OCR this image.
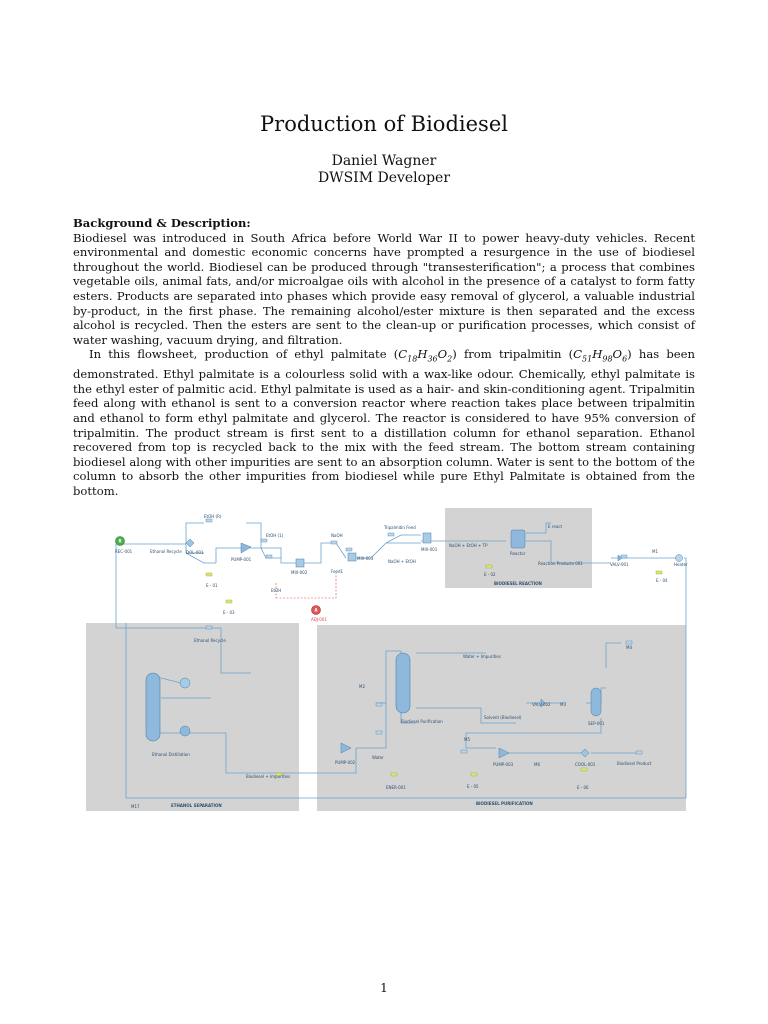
Production of Biodiesel
Daniel Wagner
DWSIM Developer
Background & Description:

Biodiesel was introduced in South Africa before World War II to power heavy-duty vehicles. Recent environmental and domestic economic concerns have prompted a resurgence in the use of biodiesel throughout the world. Biodiesel can be produced through "transesterification"; a process that combines vegetable oils, animal fats, and/or microalgae oils with alcohol in the presence of a catalyst to form fatty esters. Products are separated into phases which provide easy removal of glycerol, a valuable industrial by-product, in the first phase. The remaining alcohol/ester mixture is then separated and the excess alcohol is recycled. Then the esters are sent to the clean-up or purification processes, which consist of water washing, vacuum drying, and filtration.

In this flowsheet, production of ethyl palmitate $(C_{18}H_{36}O_2)$ from tripalmitin $(C_{51}H_{98}O_6)$ has been demonstrated. Ethyl palmitate is a colourless solid with a wax-like odour. Chemically, ethyl palmitate is the ethyl ester of palmitic acid. Ethyl palmitate is used as a hair- and skin-conditioning agent. Tripalmitin feed along with ethanol is sent to a conversion reactor where reaction takes place between tripalmitin and ethanol to form ethyl palmitate and glycerol. The reactor is considered to have 95% conversion of tripalmitin. The product stream is first sent to a distillation column for ethanol separation. Ethanol recovered from top is recycled back to the mix with the feed stream. The bottom stream containing biodiesel along with other impurities are sent to an absorption column. Water is sent to the bottom of the column to absorb the other impurities from biodiesel while pure Ethyl Palmitate is obtained from the bottom.

R
A
REC-001	Ethanol Recycle DOL-001
EtOH (R)
PUMP-001
E - 01
E - 03
EtOH (1)
MIX-002
NaOH
MIX-003
EtOH
Feed1
Tripalmitin Feed
MIX-001
NaOH + EtOH + TP
NaOH + EtOH
Reactor
E react
E - 02
Reaction Products 001
BIODIESEL REACTION
ADJ-001
VALV-001
M1
Heater
E - 04
Ethanol Recycle
Ethanol Distillation
Biodiesel + Impurities
M17	ETHANOL SEPARATION
PUMP-002
Water
M2
Biodiesel Purification
Water + Impurities
Solvent (Biodiesel)
VALV-002 M3
M4
SEP-001
M5
PUMP-003	M6	COOL-001	Biodiesel Product
E - 05	E - 06
ENER-001
BIODIESEL PURIFICATION
1
